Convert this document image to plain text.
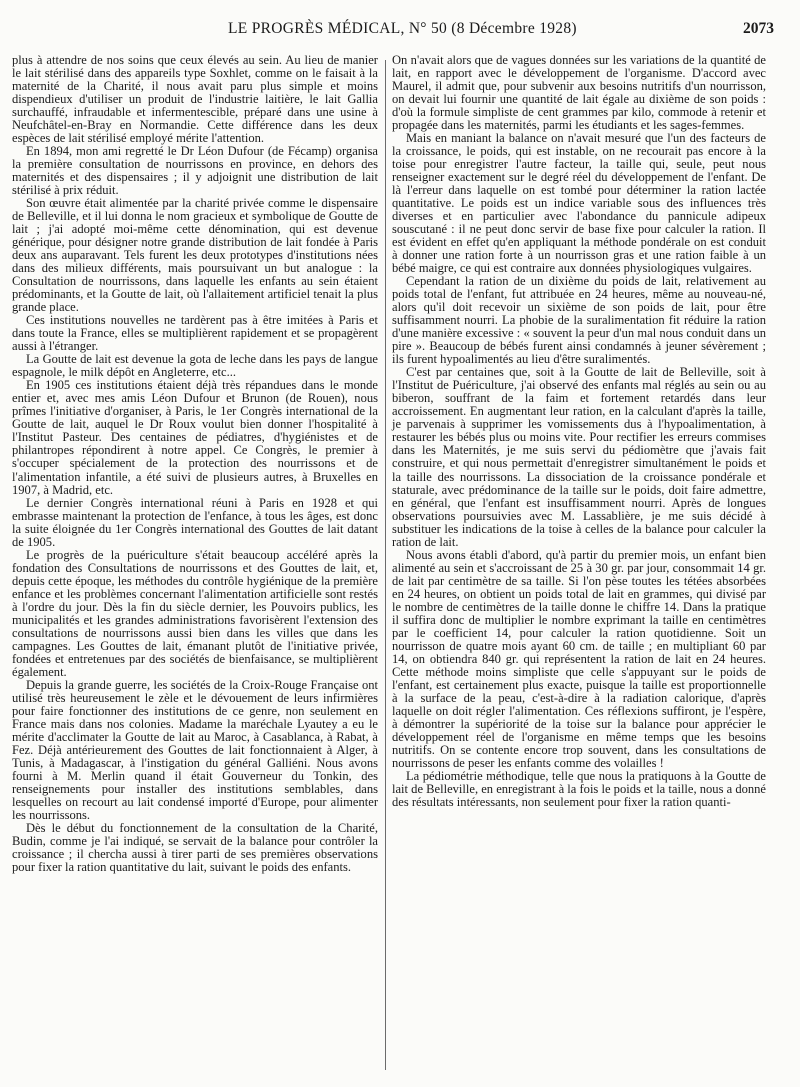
LE PROGRÈS MÉDICAL, N° 50 (8 Décembre 1928)	2073

plus à attendre de nos soins que ceux élevés au sein. Au lieu de manier le lait stérilisé dans des appareils type Soxhlet, comme on le faisait à la maternité de la Charité, il nous avait paru plus simple et moins dispendieux d'utiliser un produit de l'industrie laitière, le lait Gallia surchauffé, infraudable et infermentescible, préparé dans une usine à Neufchâtel-en-Bray en Normandie. Cette différence dans les deux espèces de lait stérilisé employé mérite l'attention.

En 1894, mon ami regretté le Dr Léon Dufour (de Fécamp) organisa la première consultation de nourrissons en province, en dehors des maternités et des dispensaires ; il y adjoignit une distribution de lait stérilisé à prix réduit.

Son œuvre était alimentée par la charité privée comme le dispensaire de Belleville, et il lui donna le nom gracieux et symbolique de Goutte de lait ; j'ai adopté moi-même cette dénomination, qui est devenue générique, pour désigner notre grande distribution de lait fondée à Paris deux ans auparavant. Tels furent les deux prototypes d'institutions nées dans des milieux différents, mais poursuivant un but analogue : la Consultation de nourrissons, dans laquelle les enfants au sein étaient prédominants, et la Goutte de lait, où l'allaitement artificiel tenait la plus grande place.

Ces institutions nouvelles ne tardèrent pas à être imitées à Paris et dans toute la France, elles se multiplièrent rapidement et se propagèrent aussi à l'étranger.

La Goutte de lait est devenue la gota de leche dans les pays de langue espagnole, le milk dépôt en Angleterre, etc...

En 1905 ces institutions étaient déjà très répandues dans le monde entier et, avec mes amis Léon Dufour et Brunon (de Rouen), nous prîmes l'initiative d'organiser, à Paris, le 1er Congrès international de la Goutte de lait, auquel le Dr Roux voulut bien donner l'hospitalité à l'Institut Pasteur. Des centaines de pédiatres, d'hygiénistes et de philantropes répondirent à notre appel. Ce Congrès, le premier à s'occuper spécialement de la protection des nourrissons et de l'alimentation infantile, a été suivi de plusieurs autres, à Bruxelles en 1907, à Madrid, etc.

Le dernier Congrès international réuni à Paris en 1928 et qui embrasse maintenant la protection de l'enfance, à tous les âges, est donc la suite éloignée du 1er Congrès international des Gouttes de lait datant de 1905.

Le progrès de la puériculture s'était beaucoup accéléré après la fondation des Consultations de nourrissons et des Gouttes de lait, et, depuis cette époque, les méthodes du contrôle hygiénique de la première enfance et les problèmes concernant l'alimentation artificielle sont restés à l'ordre du jour. Dès la fin du siècle dernier, les Pouvoirs publics, les municipalités et les grandes administrations favorisèrent l'extension des consultations de nourrissons aussi bien dans les villes que dans les campagnes. Les Gouttes de lait, émanant plutôt de l'initiative privée, fondées et entretenues par des sociétés de bienfaisance, se multiplièrent également.

Depuis la grande guerre, les sociétés de la Croix-Rouge Française ont utilisé très heureusement le zèle et le dévouement de leurs infirmières pour faire fonctionner des institutions de ce genre, non seulement en France mais dans nos colonies. Madame la maréchale Lyautey a eu le mérite d'acclimater la Goutte de lait au Maroc, à Casablanca, à Rabat, à Fez. Déjà antérieurement des Gouttes de lait fonctionnaient à Alger, à Tunis, à Madagascar, à l'instigation du général Galliéni. Nous avons fourni à M. Merlin quand il était Gouverneur du Tonkin, des renseignements pour installer des institutions semblables, dans lesquelles on recourt au lait condensé importé d'Europe, pour alimenter les nourrissons.

Dès le début du fonctionnement de la consultation de la Charité, Budin, comme je l'ai indiqué, se servait de la balance pour contrôler la croissance ; il chercha aussi à tirer parti de ses premières observations pour fixer la ration quantitative du lait, suivant le poids des enfants.

On n'avait alors que de vagues données sur les variations de la quantité de lait, en rapport avec le développement de l'organisme. D'accord avec Maurel, il admit que, pour subvenir aux besoins nutritifs d'un nourrisson, on devait lui fournir une quantité de lait égale au dixième de son poids : d'où la formule simpliste de cent grammes par kilo, commode à retenir et propagée dans les maternités, parmi les étudiants et les sages-femmes.

Mais en maniant la balance on n'avait mesuré que l'un des facteurs de la croissance, le poids, qui est instable, on ne recourait pas encore à la toise pour enregistrer l'autre facteur, la taille qui, seule, peut nous renseigner exactement sur le degré réel du développement de l'enfant. De là l'erreur dans laquelle on est tombé pour déterminer la ration lactée quantitative. Le poids est un indice variable sous des influences très diverses et en particulier avec l'abondance du pannicule adipeux souscutané : il ne peut donc servir de base fixe pour calculer la ration. Il est évident en effet qu'en appliquant la méthode pondérale on est conduit à donner une ration forte à un nourrisson gras et une ration faible à un bébé maigre, ce qui est contraire aux données physiologiques vulgaires.

Cependant la ration de un dixième du poids de lait, relativement au poids total de l'enfant, fut attribuée en 24 heures, même au nouveau-né, alors qu'il doit recevoir un sixième de son poids de lait, pour être suffisamment nourri. La phobie de la suralimentation fit réduire la ration d'une manière excessive : « souvent la peur d'un mal nous conduit dans un pire ». Beaucoup de bébés furent ainsi condamnés à jeuner sévèrement ; ils furent hypoalimentés au lieu d'être suralimentés.

C'est par centaines que, soit à la Goutte de lait de Belleville, soit à l'Institut de Puériculture, j'ai observé des enfants mal réglés au sein ou au biberon, souffrant de la faim et fortement retardés dans leur accroissement. En augmentant leur ration, en la calculant d'après la taille, je parvenais à supprimer les vomissements dus à l'hypoalimentation, à restaurer les bébés plus ou moins vite. Pour rectifier les erreurs commises dans les Maternités, je me suis servi du pédiomètre que j'avais fait construire, et qui nous permettait d'enregistrer simultanément le poids et la taille des nourrissons. La dissociation de la croissance pondérale et staturale, avec prédominance de la taille sur le poids, doit faire admettre, en général, que l'enfant est insuffisamment nourri. Après de longues observations poursuivies avec M. Lassablière, je me suis décidé à substituer les indications de la toise à celles de la balance pour calculer la ration de lait.

Nous avons établi d'abord, qu'à partir du premier mois, un enfant bien alimenté au sein et s'accroissant de 25 à 30 gr. par jour, consommait 14 gr. de lait par centimètre de sa taille. Si l'on pèse toutes les tétées absorbées en 24 heures, on obtient un poids total de lait en grammes, qui divisé par le nombre de centimètres de la taille donne le chiffre 14. Dans la pratique il suffira donc de multiplier le nombre exprimant la taille en centimètres par le coefficient 14, pour calculer la ration quotidienne. Soit un nourrisson de quatre mois ayant 60 cm. de taille ; en multipliant 60 par 14, on obtiendra 840 gr. qui représentent la ration de lait en 24 heures. Cette méthode moins simpliste que celle s'appuyant sur le poids de l'enfant, est certainement plus exacte, puisque la taille est proportionnelle à la surface de la peau, c'est-à-dire à la radiation calorique, d'après laquelle on doit régler l'alimentation. Ces réflexions suffiront, je l'espère, à démontrer la supériorité de la toise sur la balance pour apprécier le développement réel de l'organisme en même temps que les besoins nutritifs. On se contente encore trop souvent, dans les consultations de nourrissons de peser les enfants comme des volailles !

La pédiométrie méthodique, telle que nous la pratiquons à la Goutte de lait de Belleville, en enregistrant à la fois le poids et la taille, nous a donné des résultats intéressants, non seulement pour fixer la ration quanti-
